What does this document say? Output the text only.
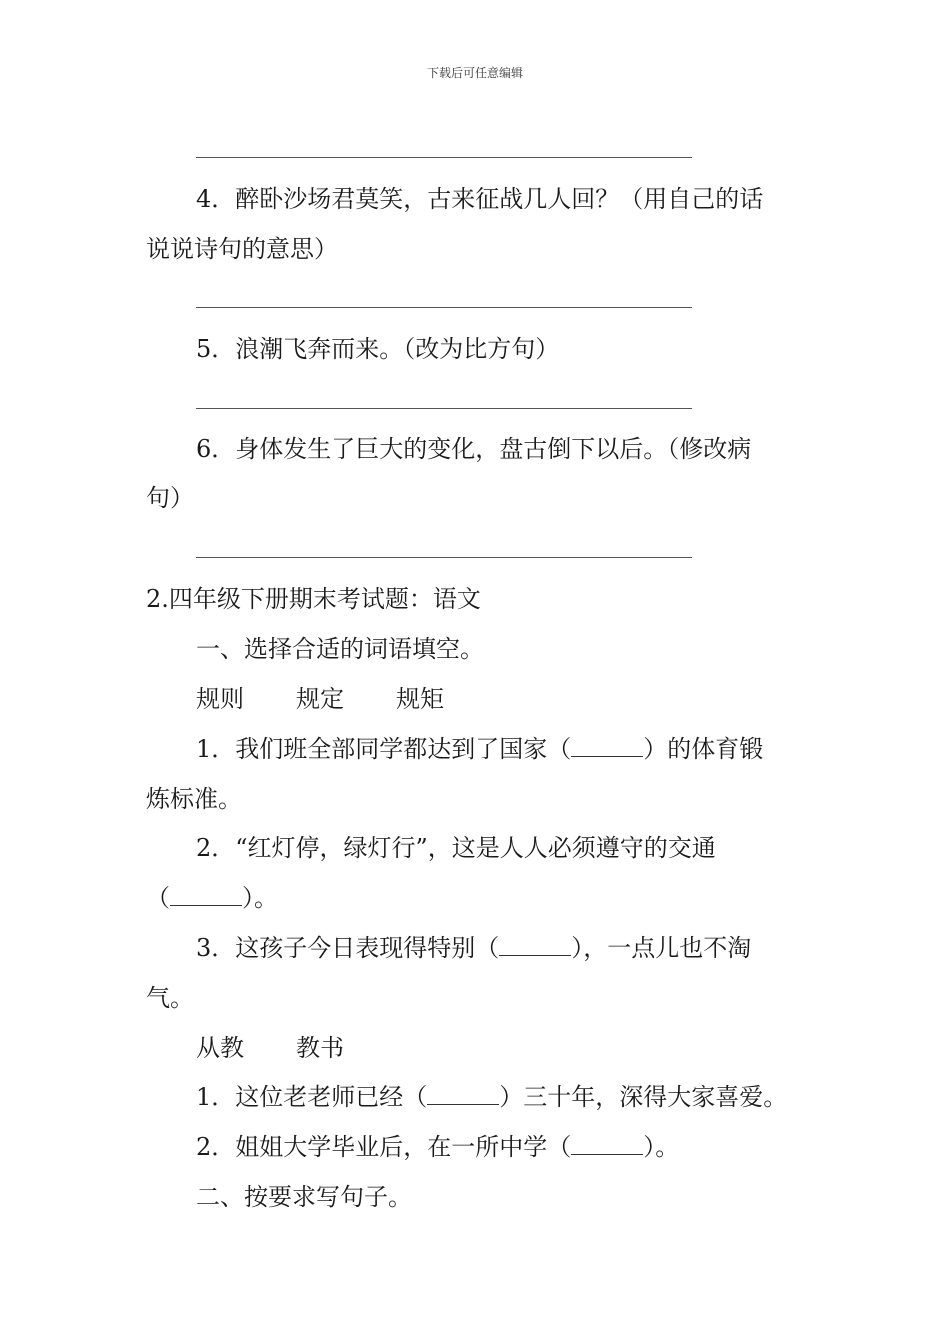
下载后可任意编辑
4．醉卧沙场君莫笑，古来征战几人回？（用自己的话
说说诗句的意思）
5．浪潮飞奔而来。（改为比方句）
6．身体发生了巨大的变化，盘古倒下以后。（修改病
句）
2.四年级下册期末考试题：语文
一、选择合适的词语填空。
规则 规定 规矩
1．我们班全部同学都达到了国家（	）的体育锻
炼标准。
2．“红灯停，绿灯行”，这是人人必须遵守的交通
（	）。
3．这孩子今日表现得特别（	），一点儿也不淘
气。
从教 教书
1．这位老老师已经（	）三十年，深得大家喜爱。
2．姐姐大学毕业后，在一所中学（	）。
二、按要求写句子。
